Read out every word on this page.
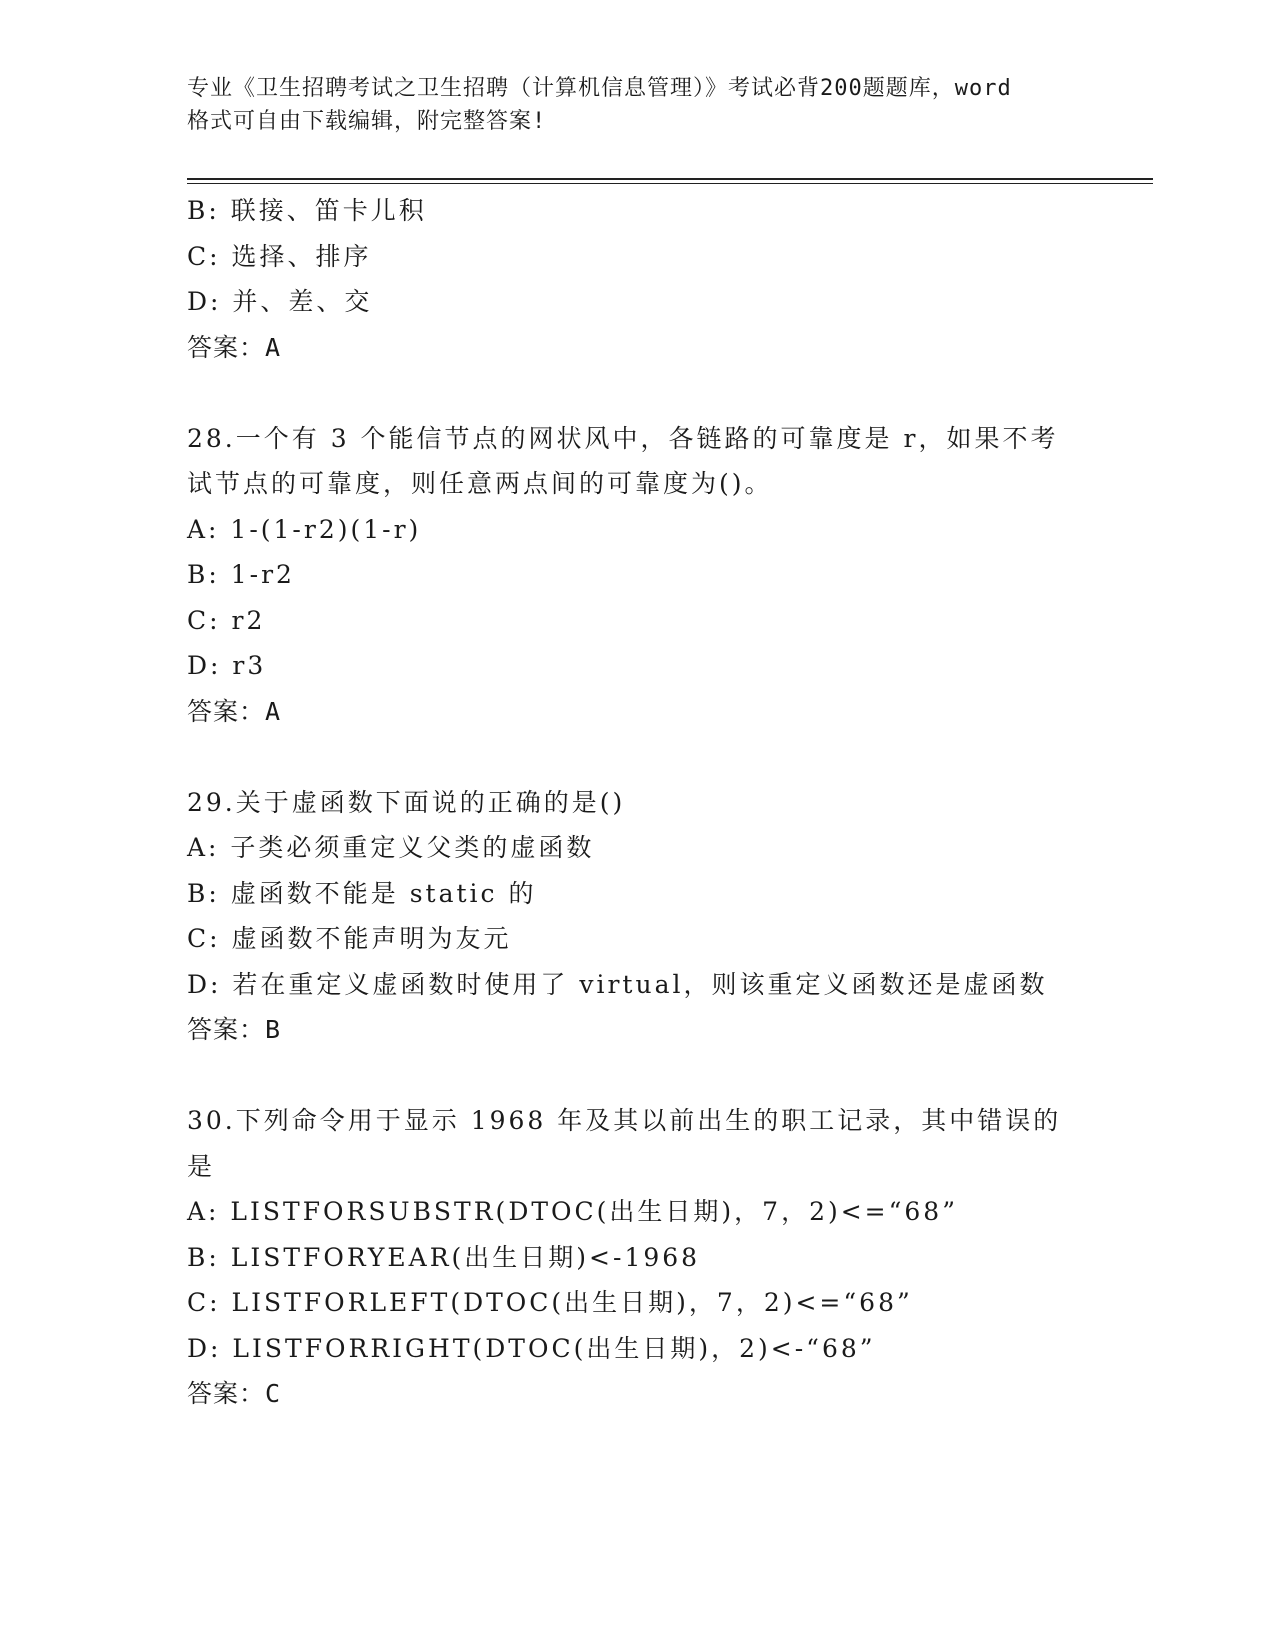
专业《卫生招聘考试之卫生招聘（计算机信息管理）》考试必背200题题库，word
格式可自由下载编辑，附完整答案!
B: 联接、笛卡儿积
C: 选择、排序
D: 并、差、交
答案：A
28.一个有 3 个能信节点的网状风中，各链路的可靠度是 r，如果不考
试节点的可靠度，则任意两点间的可靠度为()。
A: 1-(1-r2)(1-r)
B: 1-r2
C: r2
D: r3
答案：A
29.关于虚函数下面说的正确的是()
A: 子类必须重定义父类的虚函数
B: 虚函数不能是 static 的
C: 虚函数不能声明为友元
D: 若在重定义虚函数时使用了 virtual，则该重定义函数还是虚函数
答案：B
30.下列命令用于显示 1968 年及其以前出生的职工记录，其中错误的
是
A: LISTFORSUBSTR(DTOC(出生日期)，7，2)<=“68”
B: LISTFORYEAR(出生日期)<-1968
C: LISTFORLEFT(DTOC(出生日期)，7，2)<=“68”
D: LISTFORRIGHT(DTOC(出生日期)，2)<-“68”
答案：C
